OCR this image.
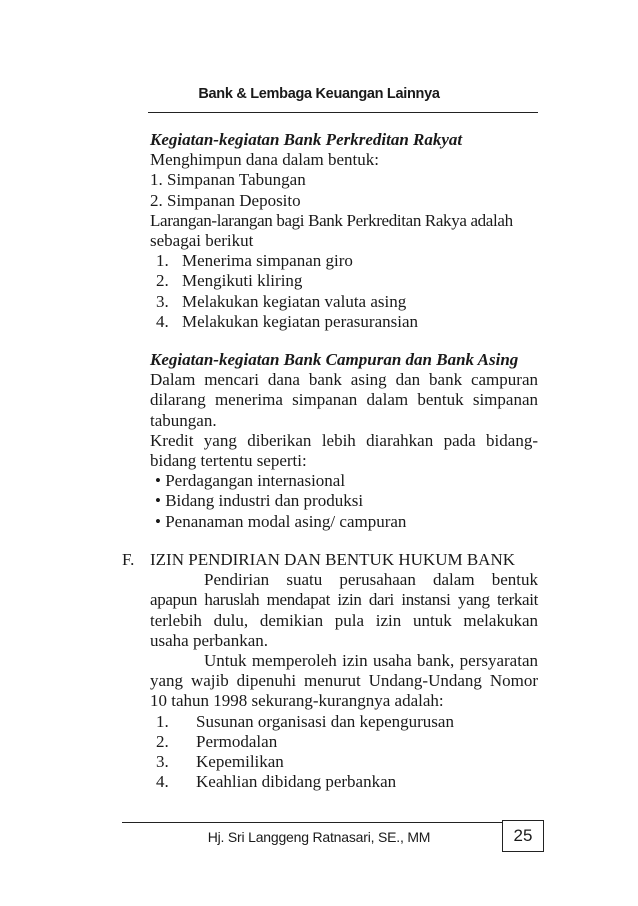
Bank & Lembaga Keuangan Lainnya
Kegiatan-kegiatan Bank Perkreditan Rakyat
Menghimpun dana dalam bentuk:
1. Simpanan Tabungan
2. Simpanan Deposito
Larangan-larangan bagi Bank Perkreditan Rakya adalah
sebagai berikut
1. Menerima simpanan giro
2. Mengikuti kliring
3. Melakukan kegiatan valuta asing
4. Melakukan kegiatan perasuransian
Kegiatan-kegiatan Bank Campuran dan Bank Asing
Dalam mencari dana bank asing dan bank campuran
dilarang menerima simpanan dalam bentuk simpanan
tabungan.
Kredit yang diberikan lebih diarahkan pada bidang-
bidang tertentu seperti:
• Perdagangan internasional
• Bidang industri dan produksi
• Penanaman modal asing/ campuran
F. IZIN PENDIRIAN DAN BENTUK HUKUM BANK
Pendirian suatu perusahaan dalam bentuk
apapun haruslah mendapat izin dari instansi yang terkait
terlebih dulu, demikian pula izin untuk melakukan
usaha perbankan.
Untuk memperoleh izin usaha bank, persyaratan
yang wajib dipenuhi menurut Undang-Undang Nomor
10 tahun 1998 sekurang-kurangnya adalah:
1. Susunan organisasi dan kepengurusan
2. Permodalan
3. Kepemilikan
4. Keahlian dibidang perbankan
Hj. Sri Langgeng Ratnasari, SE., MM	25
